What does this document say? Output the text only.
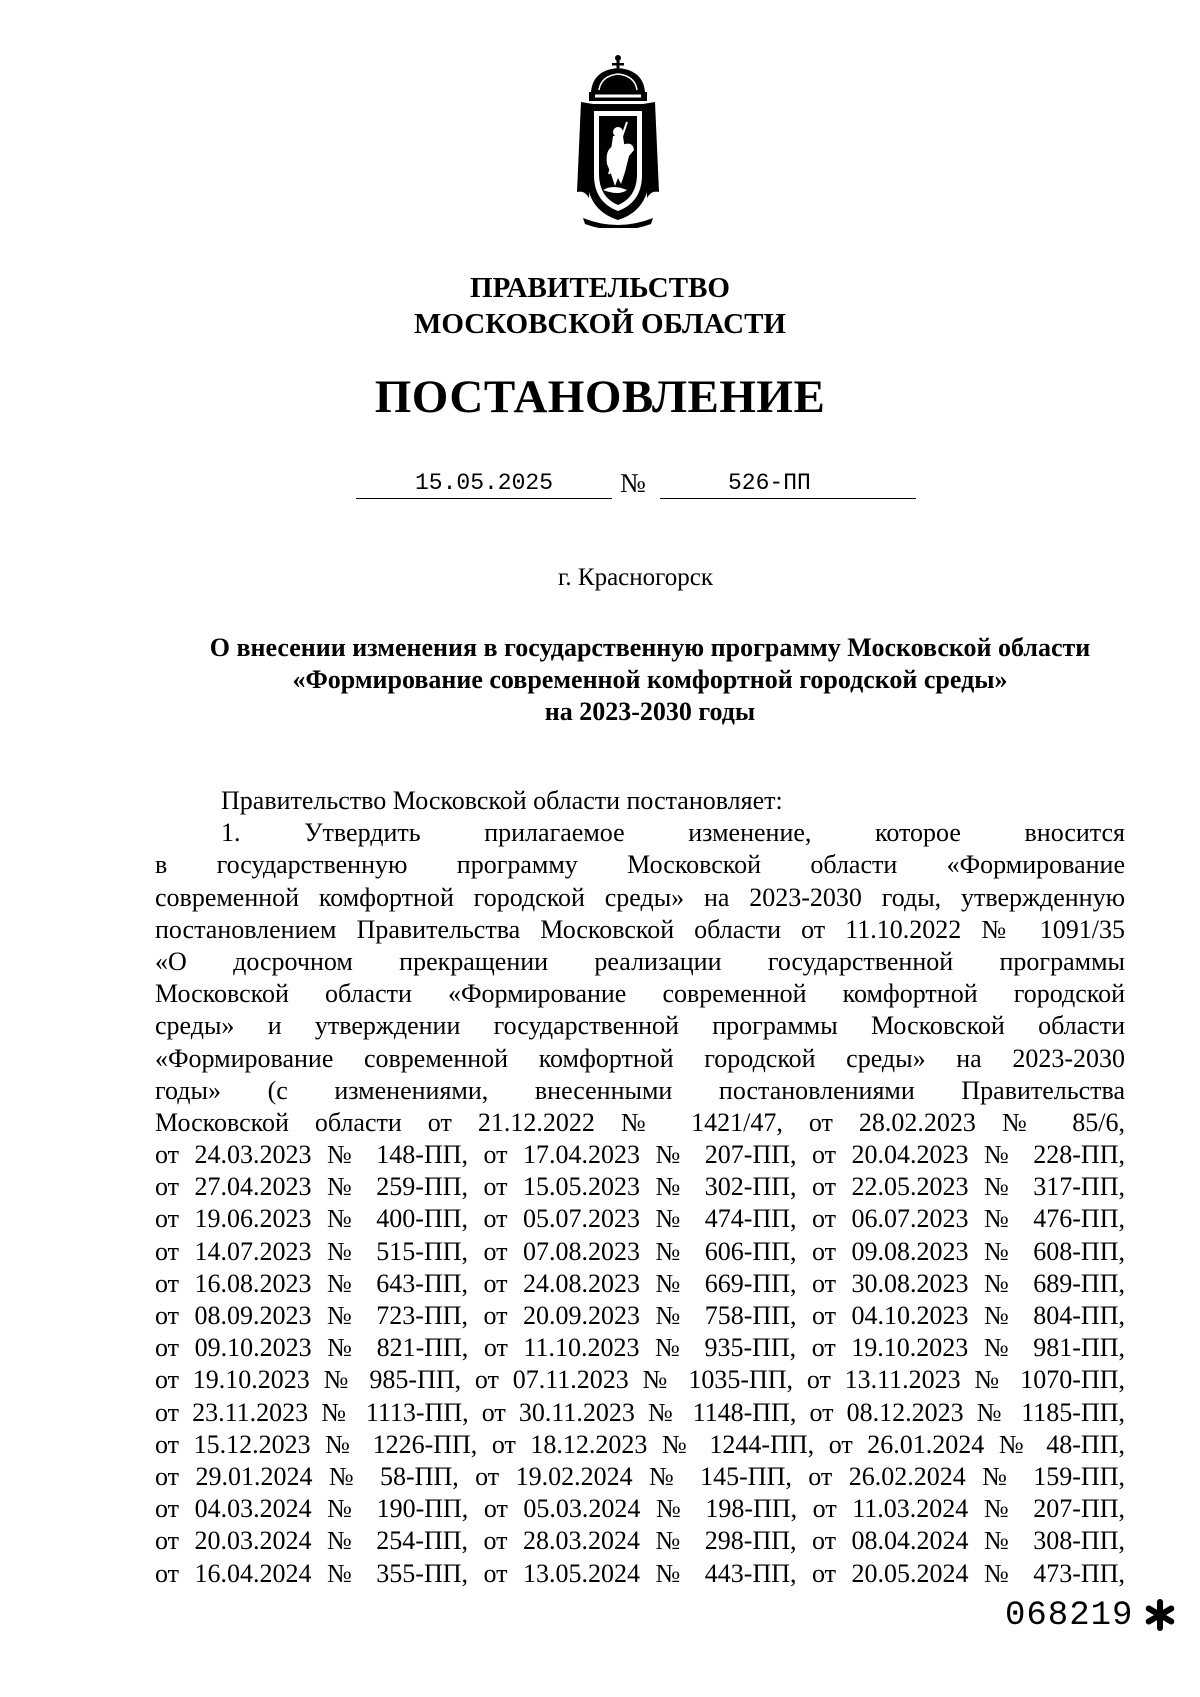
ПРАВИТЕЛЬСТВО
МОСКОВСКОЙ ОБЛАСТИ
ПОСТАНОВЛЕНИЕ
15.05.2025	№	526-ПП
г. Красногорск
О внесении изменения в государственную программу Московской области
«Формирование современной комфортной городской среды»
на 2023-2030 годы
Правительство Московской области постановляет:
1. Утвердить прилагаемое изменение, которое вносится
в государственную программу Московской области «Формирование
современной комфортной городской среды» на 2023-2030 годы, утвержденную
постановлением Правительства Московской области от 11.10.2022 № 1091/35
«О досрочном прекращении реализации государственной программы
Московской области «Формирование современной комфортной городской
среды» и утверждении государственной программы Московской области
«Формирование современной комфортной городской среды» на 2023-2030
годы» (с изменениями, внесенными постановлениями Правительства
Московской области от 21.12.2022 № 1421/47, от 28.02.2023 № 85/6,
от 24.03.2023 № 148-ПП, от 17.04.2023 № 207-ПП, от 20.04.2023 № 228-ПП,
от 27.04.2023 № 259-ПП, от 15.05.2023 № 302-ПП, от 22.05.2023 № 317-ПП,
от 19.06.2023 № 400-ПП, от 05.07.2023 № 474-ПП, от 06.07.2023 № 476-ПП,
от 14.07.2023 № 515-ПП, от 07.08.2023 № 606-ПП, от 09.08.2023 № 608-ПП,
от 16.08.2023 № 643-ПП, от 24.08.2023 № 669-ПП, от 30.08.2023 № 689-ПП,
от 08.09.2023 № 723-ПП, от 20.09.2023 № 758-ПП, от 04.10.2023 № 804-ПП,
от 09.10.2023 № 821-ПП, от 11.10.2023 № 935-ПП, от 19.10.2023 № 981-ПП,
от 19.10.2023 № 985-ПП, от 07.11.2023 № 1035-ПП, от 13.11.2023 № 1070-ПП,
от 23.11.2023 № 1113-ПП, от 30.11.2023 № 1148-ПП, от 08.12.2023 № 1185-ПП,
от 15.12.2023 № 1226-ПП, от 18.12.2023 № 1244-ПП, от 26.01.2024 № 48-ПП,
от 29.01.2024 № 58-ПП, от 19.02.2024 № 145-ПП, от 26.02.2024 № 159-ПП,
от 04.03.2024 № 190-ПП, от 05.03.2024 № 198-ПП, от 11.03.2024 № 207-ПП,
от 20.03.2024 № 254-ПП, от 28.03.2024 № 298-ПП, от 08.04.2024 № 308-ПП,
от 16.04.2024 № 355-ПП, от 13.05.2024 № 443-ПП, от 20.05.2024 № 473-ПП,
068219
